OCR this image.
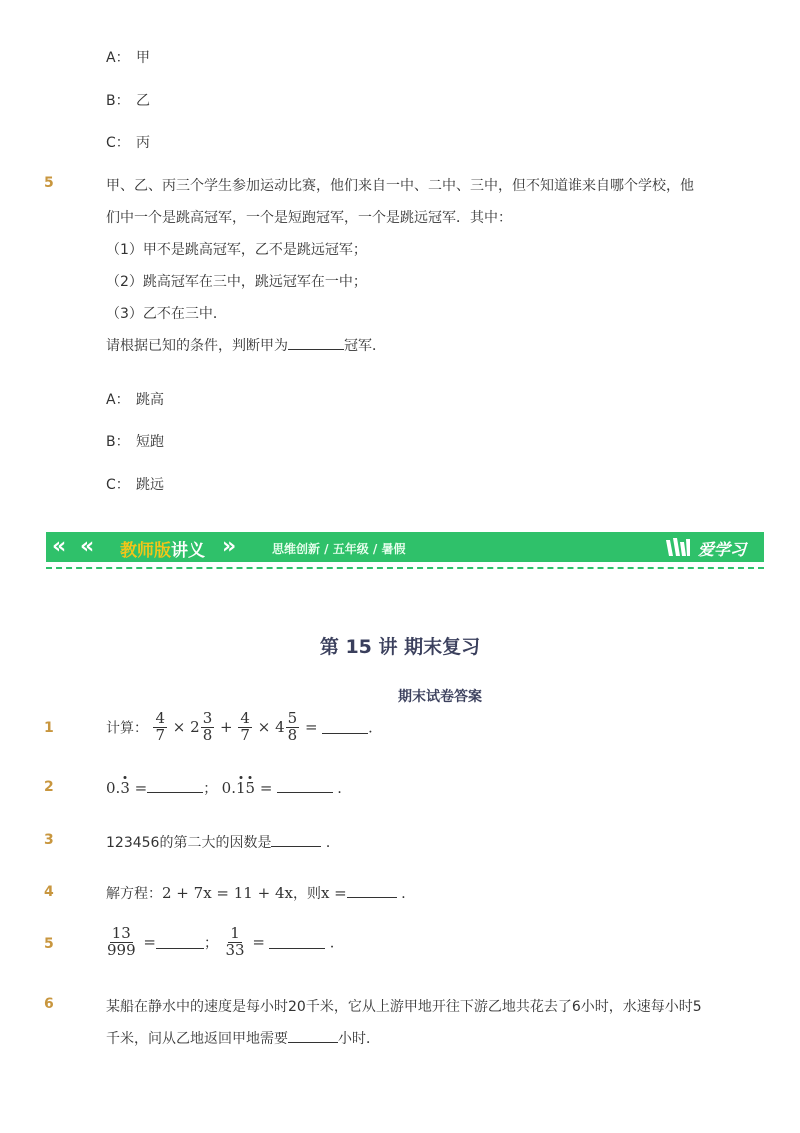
A： 甲
B： 乙
C： 丙
5	甲、乙、丙三个学生参加运动比赛，他们来自一中、二中、三中，但不知道谁来自哪个学校，他
们中一个是跳高冠军，一个是短跑冠军，一个是跳远冠军．其中：
（1）甲不是跳高冠军，乙不是跳远冠军；
（2）跳高冠军在三中，跳远冠军在一中；
（3）乙不在三中．
请根据已知的条件，判断甲为	冠军．
A： 跳高
B： 短跑
C： 跳远
« « 教师版讲义 »	思维创新 / 五年级 / 暑假	爱学习
第 15 讲 期末复习
期末试卷答案
1	计算： $\frac{4}{7} \times 2 \frac{3}{8} + \frac{4}{7} \times 4 \frac{5}{8}$ =	．
2	0.3 =	； 0.15 =	．
3	123456的第二大的因数是	．
4	解方程：2 + 7x = 11 + 4x，则x =	．
5	$\frac{13}{999}$ =	； $\frac{1}{33}$ =	．
6	某船在静水中的速度是每小时20千米，它从上游甲地开往下游乙地共花去了6小时，水速每小时5
千米，问从乙地返回甲地需要	小时．
